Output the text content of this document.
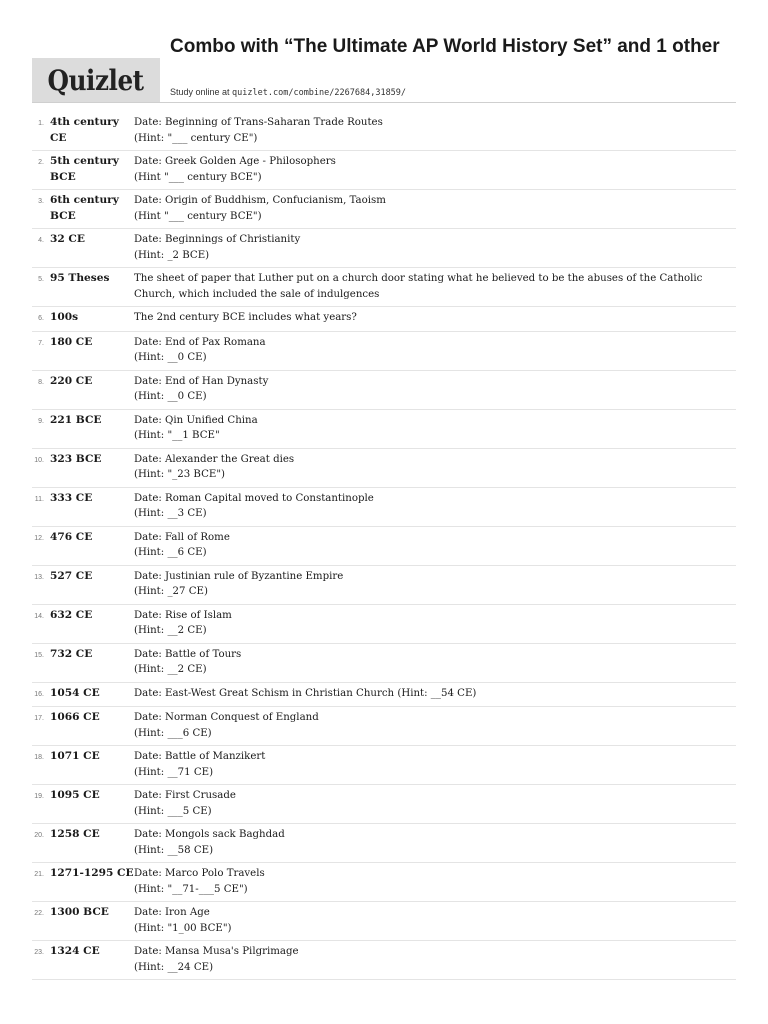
Quizlet
Combo with “The Ultimate AP World History Set” and 1 other
Study online at quizlet.com/combine/2267684,31859/
1. 4th century CE
Date: Beginning of Trans-Saharan Trade Routes
(Hint: "___ century CE")
2. 5th century BCE
Date: Greek Golden Age - Philosophers
(Hint "___ century BCE")
3. 6th century BCE
Date: Origin of Buddhism, Confucianism, Taoism
(Hint "___ century BCE")
4. 32 CE	Date: Beginnings of Christianity
(Hint: _2 BCE)
5. 95 Theses	The sheet of paper that Luther put on a church door stating what he believed to be the abuses of the Catholic Church, which included the sale of indulgences
6. 100s	The 2nd century BCE includes what years?
7. 180 CE	Date: End of Pax Romana
(Hint: __0 CE)
8. 220 CE	Date: End of Han Dynasty
(Hint: __0 CE)
9. 221 BCE	Date: Qin Unified China
(Hint: "__1 BCE"
10. 323 BCE	Date: Alexander the Great dies
(Hint: "_23 BCE")
11. 333 CE	Date: Roman Capital moved to Constantinople
(Hint: __3 CE)
12. 476 CE	Date: Fall of Rome
(Hint: __6 CE)
13. 527 CE	Date: Justinian rule of Byzantine Empire
(Hint: _27 CE)
14. 632 CE	Date: Rise of Islam
(Hint: __2 CE)
15. 732 CE	Date: Battle of Tours
(Hint: __2 CE)
16. 1054 CE	Date: East-West Great Schism in Christian Church (Hint: __54 CE)
17. 1066 CE	Date: Norman Conquest of England
(Hint: ___6 CE)
18. 1071 CE	Date: Battle of Manzikert
(Hint: __71 CE)
19. 1095 CE	Date: First Crusade
(Hint: ___5 CE)
20. 1258 CE	Date: Mongols sack Baghdad
(Hint: __58 CE)
21. 1271-1295 CE Date: Marco Polo Travels
(Hint: "__71-___5 CE")
22. 1300 BCE	Date: Iron Age
(Hint: "1_00 BCE")
23. 1324 CE	Date: Mansa Musa's Pilgrimage
(Hint: __24 CE)
